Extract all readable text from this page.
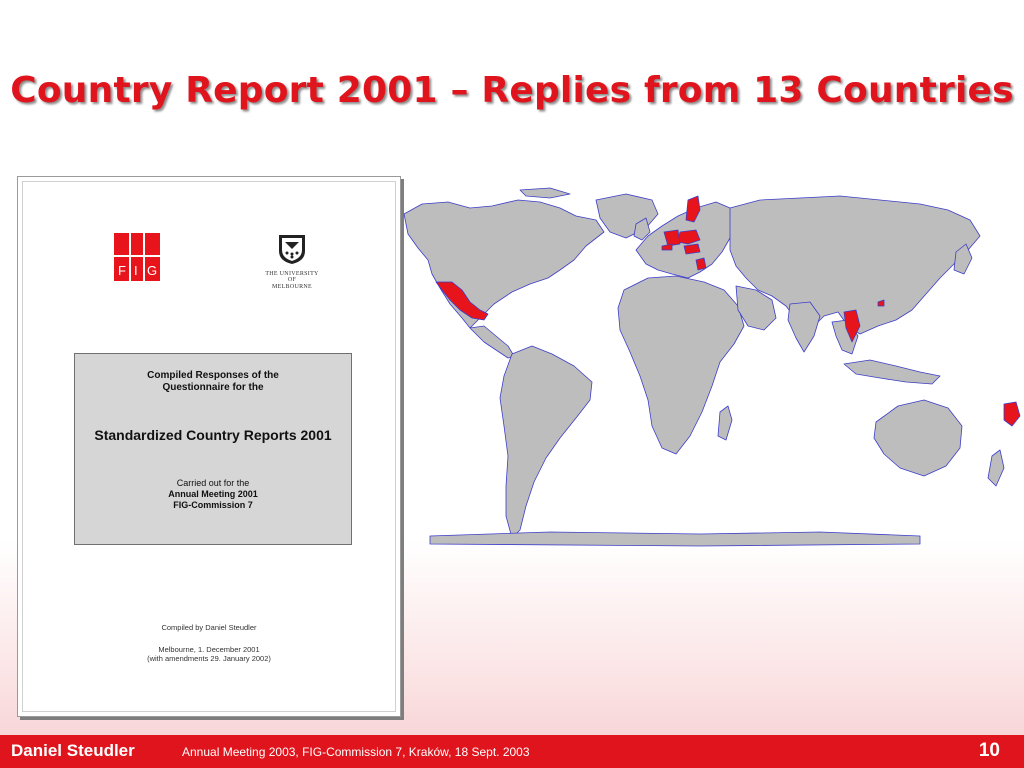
Country Report 2001 – Replies from 13 Countries
F I G	THE UNIVERSITY OF
MELBOURNE
Compiled Responses of the
Questionnaire for the
Standardized Country Reports 2001
Carried out for the
Annual Meeting 2001
FIG-Commission 7
Compiled by Daniel Steudler
Melbourne, 1. December 2001
(with amendments 29. January 2002)
Daniel Steudler	Annual Meeting 2003, FIG-Commission 7, Kraków, 18 Sept. 2003	10
